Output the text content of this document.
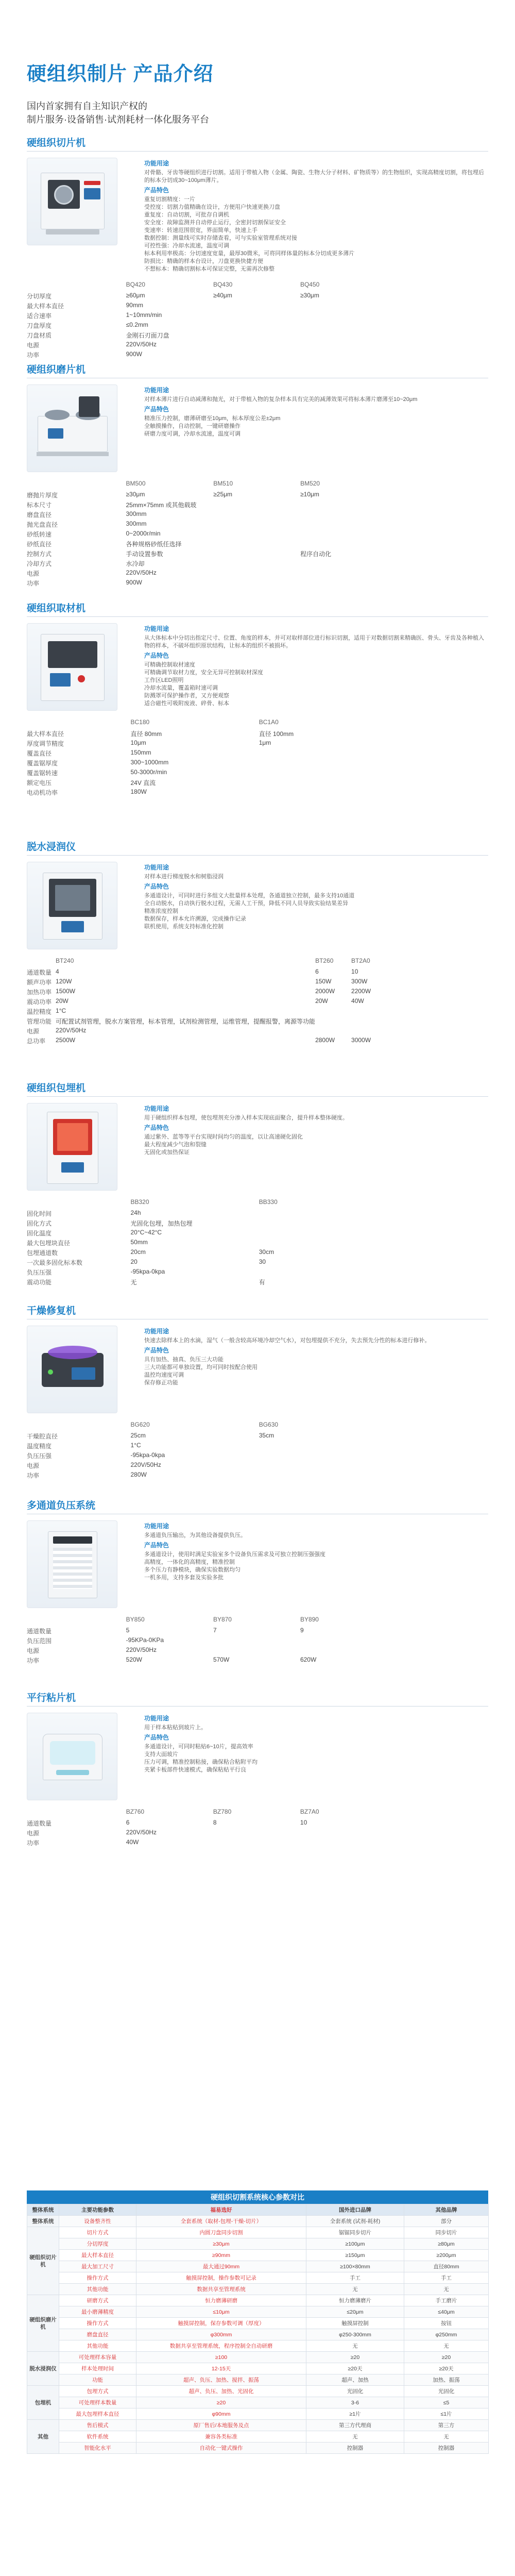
硬组织制片 产品介绍
国内首家拥有自主知识产权的
制片服务·设备销售·试剂耗材一体化服务平台
硬组织切片机
功能用途
对骨骼、牙齿等硬组织进行切割。适用于带植入物（金属、陶瓷、生物大分子材料、矿物质等）的生物组织，实现高精度切割，将包埋后的标本分切成30~100μm薄片。
产品特色
重复切割精度：一片
受控度：切割力值精确在设计，方便用户快速更换刀盘
重复度：自动切割，可批存自调机
安全度：故障监测并自动停止运行，全密封切割保证安全
变速率：转速范围很宽，界面简单，快速上手
数据控制：测量线可实时存储查看，可与实验室管理系统对接
可控性强：冷却水流速，温度可调
标本利用率极高：分切速度宽量，最厚30微米，可将同样体量的标本分切成更多薄片
防损比：精确的样本台设计，刀盘更换快捷方便
不想标本：精确切割标本可保证完整，无需再次修整
	BQ420	BQ430	BQ450
分切厚度	≥60μm	≥40μm	≥30μm
最大样本直径	90mm		
适合速率	1~10mm/min		
刀盘厚度	≤0.2mm		
刀盘材质	金刚石刃面刀盘		
电源	220V/50Hz		
功率	900W		
硬组织磨片机
功能用途
对样本薄片进行自动减薄和抛光，对于带植入物的复杂样本具有完美的减薄效果可将标本薄片磨薄至10~20μm
产品特色
精准压力控制，磨薄研磨至10μm，标本厚度公差±2μm
全触摸操作，自动控制，一键研磨操作
研磨力度可调，冷却水流速，温度可调
	BM500	BM510	BM520
磨抛片厚度	≥30μm	≥25μm	≥10μm
标本尺寸	25mm×75mm 或其他载玻		
磨盘直径	300mm		
抛光盘直径	300mm		
砂纸转速	0~2000r/min		
砂纸直径	各种规格砂纸任选择		
控制方式	手动设置参数		程序自动化
冷却方式	水冷却		
电源	220V/50Hz		
功率	900W		
硬组织取材机
功能用途
从大体标本中分切出指定尺寸、位置、角度的样本，并可对取样部位进行标识切割，适用于对数据切割来精确医、骨头、牙齿及各种植入物的样本，不破坏组织原状结构，让标本的组织不被损坏。
产品特色
可精确控制取材速度
可精确调节取材力度，安全无异可控制取材深度
工作区LED照明
冷却水流量，覆盖箱时速可调
防溅罩可保护操作者，又方便观察
适合磁性可吸附废液、碎骨、标本
	BC180	BC1A0
最大样本直径	直径 80mm	直径 100mm
厚度调节精度	10μm	1μm
覆盖直径	150mm	
覆盖锯厚度	300~1000mm	
覆盖锯转速	50-3000r/min	
额定电压	24V 直流	
电动机功率	180W	
脱水浸润仪
功能用途
对样本进行梯度脱水和树脂浸润
产品特色
多通道设计，可同时进行多组文大批量样本处理，各通道独立控制，最多支持10通道
全自动脱水，自动执行脱水过程，无需人工干预，降低不同人员导致实验结果差异
精准浓度控制
数据保存，样本允许溯源，完成操作记录
联机使用，系统支持标准化控制
	BT240	BT260	BT2A0
通道数量	4	6	10
额声功率	120W	150W	300W
加热功率	1500W	2000W	2200W
震动功率	20W	20W	40W
温控精度	1°C		
管理功能	可配置试剂管理，脱水方案管理，标本管理，试剂检测管理，运维管理，提醒报警，离源等功能		
电源	220V/50Hz		
总功率	2500W	2800W	3000W
硬组织包埋机
功能用途
用于硬组织样本包埋，使包埋剂充分渗入样本实现底面聚合，提升样本整体硬度。
产品特色
通过紫外、蓝等等平台实现时间均匀的温度，以让高速硬化固化
最大程度减少气泡和裂缝
无固化或加热保证
	BB320	BB330
固化时间	24h	
固化方式	光固化包埋，加热包埋	
固化温度	20°C~42°C	
最大包埋块直径	50mm	
包埋通道数	20cm	30cm
一次最多固化标本数	20	30
负压压强	-95kpa-0kpa	
震动功能	无	有
干燥修复机
功能用途
快速去除样本上的水滴，湿气（一般含较高环境冷却空气水），对包埋提供不充分，失去预先分性的标本进行修补。
产品特色
具有加热、抽真、负压三大功能
三大功能都可单独设置，均可同时按配合使用
温控均速度可调
保存修正功能
	BG620	BG630
干燥腔直径	25cm	35cm
温度精度	1°C	
负压压强	-95kpa-0kpa	
电源	220V/50Hz	
功率	280W	
多通道负压系统
功能用途
多通道负压输出，为其他设备提供负压。
产品特色
多通道设计，使用时满足实验室多个设备负压需求及可独立控制压强强度
高精度，一体化的高精度，精准控制
多个压力有静模块，确保实验数据均匀
一机多用，支持多套及实验多批
	BY850	BY870	BY890
通道数量	5	7	9
负压范围	-95KPa-0KPa		
电源	220V/50Hz		
功率	520W	570W	620W
平行粘片机
功能用途
用于样本粘贴到玻片上。
产品特色
多通道设计，可同时粘贴6~10片，提高效率
支持大面玻片
压力可调，精准控制粘接，确保粘合粘附平均
夹紧卡板部件快速模式，确保粘贴平行良
	BZ760	BZ780	BZ7A0
通道数量	6	8	10
电源	220V/50Hz		
功率	40W		
硬组织切割系统核心参数对比
整体系统	主要功能参数	福易选好	国外进口品牌	其他品牌
整体系统	设备整齐性	全套系统（取材-包埋-干燥-切片）	全套系统 (试剂-耗材)	部分
硬组织切片机	切片方式	内圆刀盘同步切割	锯锯同步切片	同步切片
	分切厚度	≥30μm	≥100μm	≥80μm
	最大样本直径	≥90mm	≥150μm	≥200μm
	最大加工尺寸	最大通过90mm	≥100×80mm	直径80mm
	操作方式	触摸屏控制，操作参数可记录	手工	手工
	其他功能	数据共享至管理系统	无	无
硬组织磨片机	研磨方式	恒力磨薄研磨	恒力磨薄磨片	手工磨片
	最小磨薄精度	≤10μm	≤20μm	≤40μm
	操作方式	触摸屏控制，保存参数可调（厚度）	触摸屏控制	按钮
	磨盘直径	φ300mm	φ250-300mm	φ250mm
	其他功能	数据共享至管理系统，程序控制全自动研磨	无	无
脱水浸润仪	可处理样本容量	≥100	≥20	≥20
	样本处理时间	12-15天	≥20天	≥20天
	功能	超声、负压、加热、搅拌、振荡	超声、加热	加热、振荡
包埋机	包埋方式	超声、负压、加热、光固化	光固化	光固化
	可处理样本数量	≥20	3-6	≤5
	最大包埋样本直径	φ90mm	≥1片	≤1片
其他	售后模式	原厂售后/本地服务及点	第三方代理商	第三方
	软件系统	兼容各类标准	无	无
	智能化水平	自动化一键式操作	控制器	控制器
